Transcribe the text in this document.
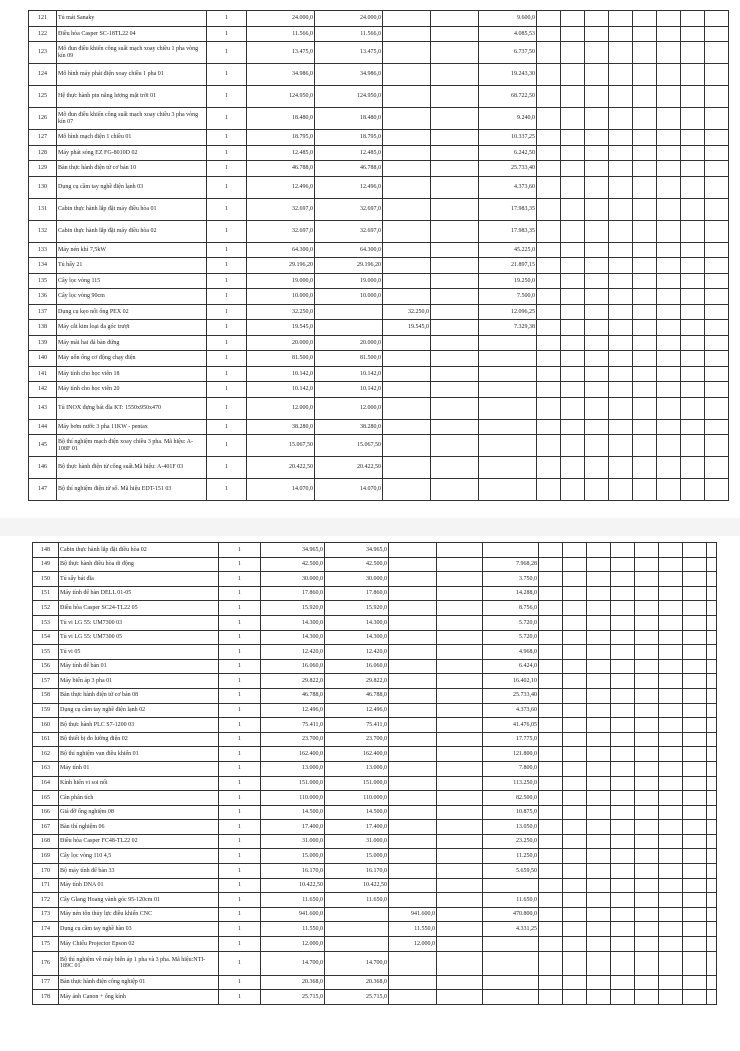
121	Tủ mát Sanaky	1	24.000,0	24.000,0			9.600,0								
122	Điều hòa Casper SC-18TL22 04	1	11.566,0	11.566,0			4.085,53								
123	Mô đun điều khiển công suất mạch xoay chiều 1 pha vòng kín 09	1	13.475,0	13.475,0			6.737,50								
124	Mô hình máy phát điện xoay chiều 1 pha 01	1	34.986,0	34.986,0			19.243,30								
125	Hệ thực hành pin năng lượng mặt trời 01	1	124.950,0	124.950,0			68.722,50								
126	Mô đun điều khiển công suất mạch xoay chiều 3 pha vòng kín 07	1	18.480,0	18.480,0			9.240,0								
127	Mô hình mạch điện 1 chiều 01	1	18.795,0	18.795,0			10.337,25								
128	Máy phát sóng EZ FG-8010D 02	1	12.485,0	12.485,0			6.242,50								
129	Bàn thực hành điện tử cơ bản 10	1	46.788,0	46.788,0			25.733,40								
130	Dụng cụ cầm tay nghề điện lạnh 03	1	12.496,0	12.496,0			4.373,60								
131	Cabin thực hành lắp đặt máy điều hòa 01	1	32.697,0	32.697,0			17.983,35								
132	Cabin thực hành lắp đặt máy điều hòa 02	1	32.697,0	32.697,0			17.983,35								
133	Máy nén khí 7,5kW	1	64.300,0	64.300,0			45.225,0								
134	Tủ hấy 21	1	29.196,20	29.196,20			21.897,15								
135	Cây lọc vòng 115	1	19.000,0	19.000,0			19.250,0								
136	Cây lọc vòng 90cm	1	10.000,0	10.000,0			7.500,0								
137	Dụng cụ kẹo nối ống PEX 02	1	32.250,0		32.250,0		12.096,25								
138	Máy cắt kim loại đa góc trượt	1	19.545,0		19.545,0		7.329,38								
139	Máy mài hai đá bàn đứng	1	20.000,0	20.000,0											
140	Máy uốn ống cơ động chạy điện	1	81.500,0	81.500,0											
141	Máy tính cho học viên 18	1	10.142,0	10.142,0											
142	Máy tính cho học viên 20	1	10.142,0	10.142,0											
143	Tủ INOX đựng bát đĩa KT: 1550x950x470	1	12.000,0	12.000,0											
144	Máy bơm nước 3 pha 11KW - pentax	1	38.280,0	38.280,0											
145	Bộ thí nghiệm mạch điện xoay chiều 3 pha. Mã hiệu: A-108F 01	1	15.067,50	15.067,50											
146	Bộ thực hành điện tử công suất.Mã hiệu: A-401F 03	1	20.422,50	20.422,50											
147	Bộ thí nghiệm điện tử số. Mã hiệu EDT-151 03	1	14.070,0	14.070,0											
148	Cabin thực hành lắp đặt điều hòa 02	1	34.965,0	34.965,0											
149	Bộ thực hành điều hòa di động	1	42.500,0	42.500,0			7.968,28								
150	Tủ sấy bát đĩa	1	30.000,0	30.000,0			3.750,0								
151	Máy tính để bàn DELL 01-05	1	17.860,0	17.860,0			14.288,0								
152	Điều hòa Casper SC24-TL22 05	1	15.920,0	15.920,0			8.756,0								
153	Tủ vi LG 55: UM7300 03	1	14.300,0	14.300,0			5.720,0								
154	Tủ vi LG 55: UM7300 05	1	14.300,0	14.300,0			5.720,0								
155	Tủ vi 05	1	12.420,0	12.420,0			4.968,0								
156	Máy tính để bàn 01	1	16.060,0	16.060,0			6.424,0								
157	Máy biến áp 3 pha 01	1	29.822,0	29.822,0			16.402,10								
158	Bàn thực hành điện tử cơ bản 08	1	46.788,0	46.788,0			25.733,40								
159	Dụng cụ cầm tay nghề điện lạnh 02	1	12.496,0	12.496,0			4.373,60								
160	Bộ thực hành PLC S7-1200 03	1	75.411,0	75.411,0			41.476,05								
161	Bộ thiết bị đo lường điện 02	1	23.700,0	23.700,0			17.775,0								
162	Bộ thí nghiệm van điều khiển 01	1	162.400,0	162.400,0			121.800,0								
163	Máy tính 01	1	13.000,0	13.000,0			7.800,0								
164	Kính hiển vi soi nổi	1	151.000,0	151.000,0			113.250,0								
165	Cân phân tích	1	110.000,0	110.000,0			82.500,0								
166	Giá đỡ ống nghiệm 08	1	14.500,0	14.500,0			10.875,0								
167	Bàn thí nghiệm 06	1	17.400,0	17.400,0			13.050,0								
168	Điều hòa Casper FC48-TL22 02	1	31.000,0	31.000,0			23.250,0								
169	Cây lọc vòng 110 4,5	1	15.000,0	15.000,0			11.250,0								
170	Bộ máy tính để bàn 33	1	16.170,0	16.170,0			5.659,50								
171	Máy tính DNA 01	1	10.422,50	10.422,50											
172	Cây Glang Hoang vành góc 95-120cm 01	1	11.650,0	11.650,0			11.650,0								
173	Máy nén tôn thủy lực điều khiển CNC	1	941.600,0		941.600,0		470.800,0								
174	Dụng cụ cầm tay nghề hàn 03	1	11.550,0		11.550,0		4.331,25								
175	Máy Chiếu Projector Epson 02	1	12.000,0		12.000,0										
176	Bộ thí nghiệm về máy biến áp 1 pha và 3 pha. Mã hiệu:NTI-189C 01	1	14.700,0	14.700,0											
177	Bàn thực hành điện công nghiệp 01	1	20.368,0	20.368,0											
178	Máy ảnh Canon + ống kính	1	25.715,0	25.715,0											
